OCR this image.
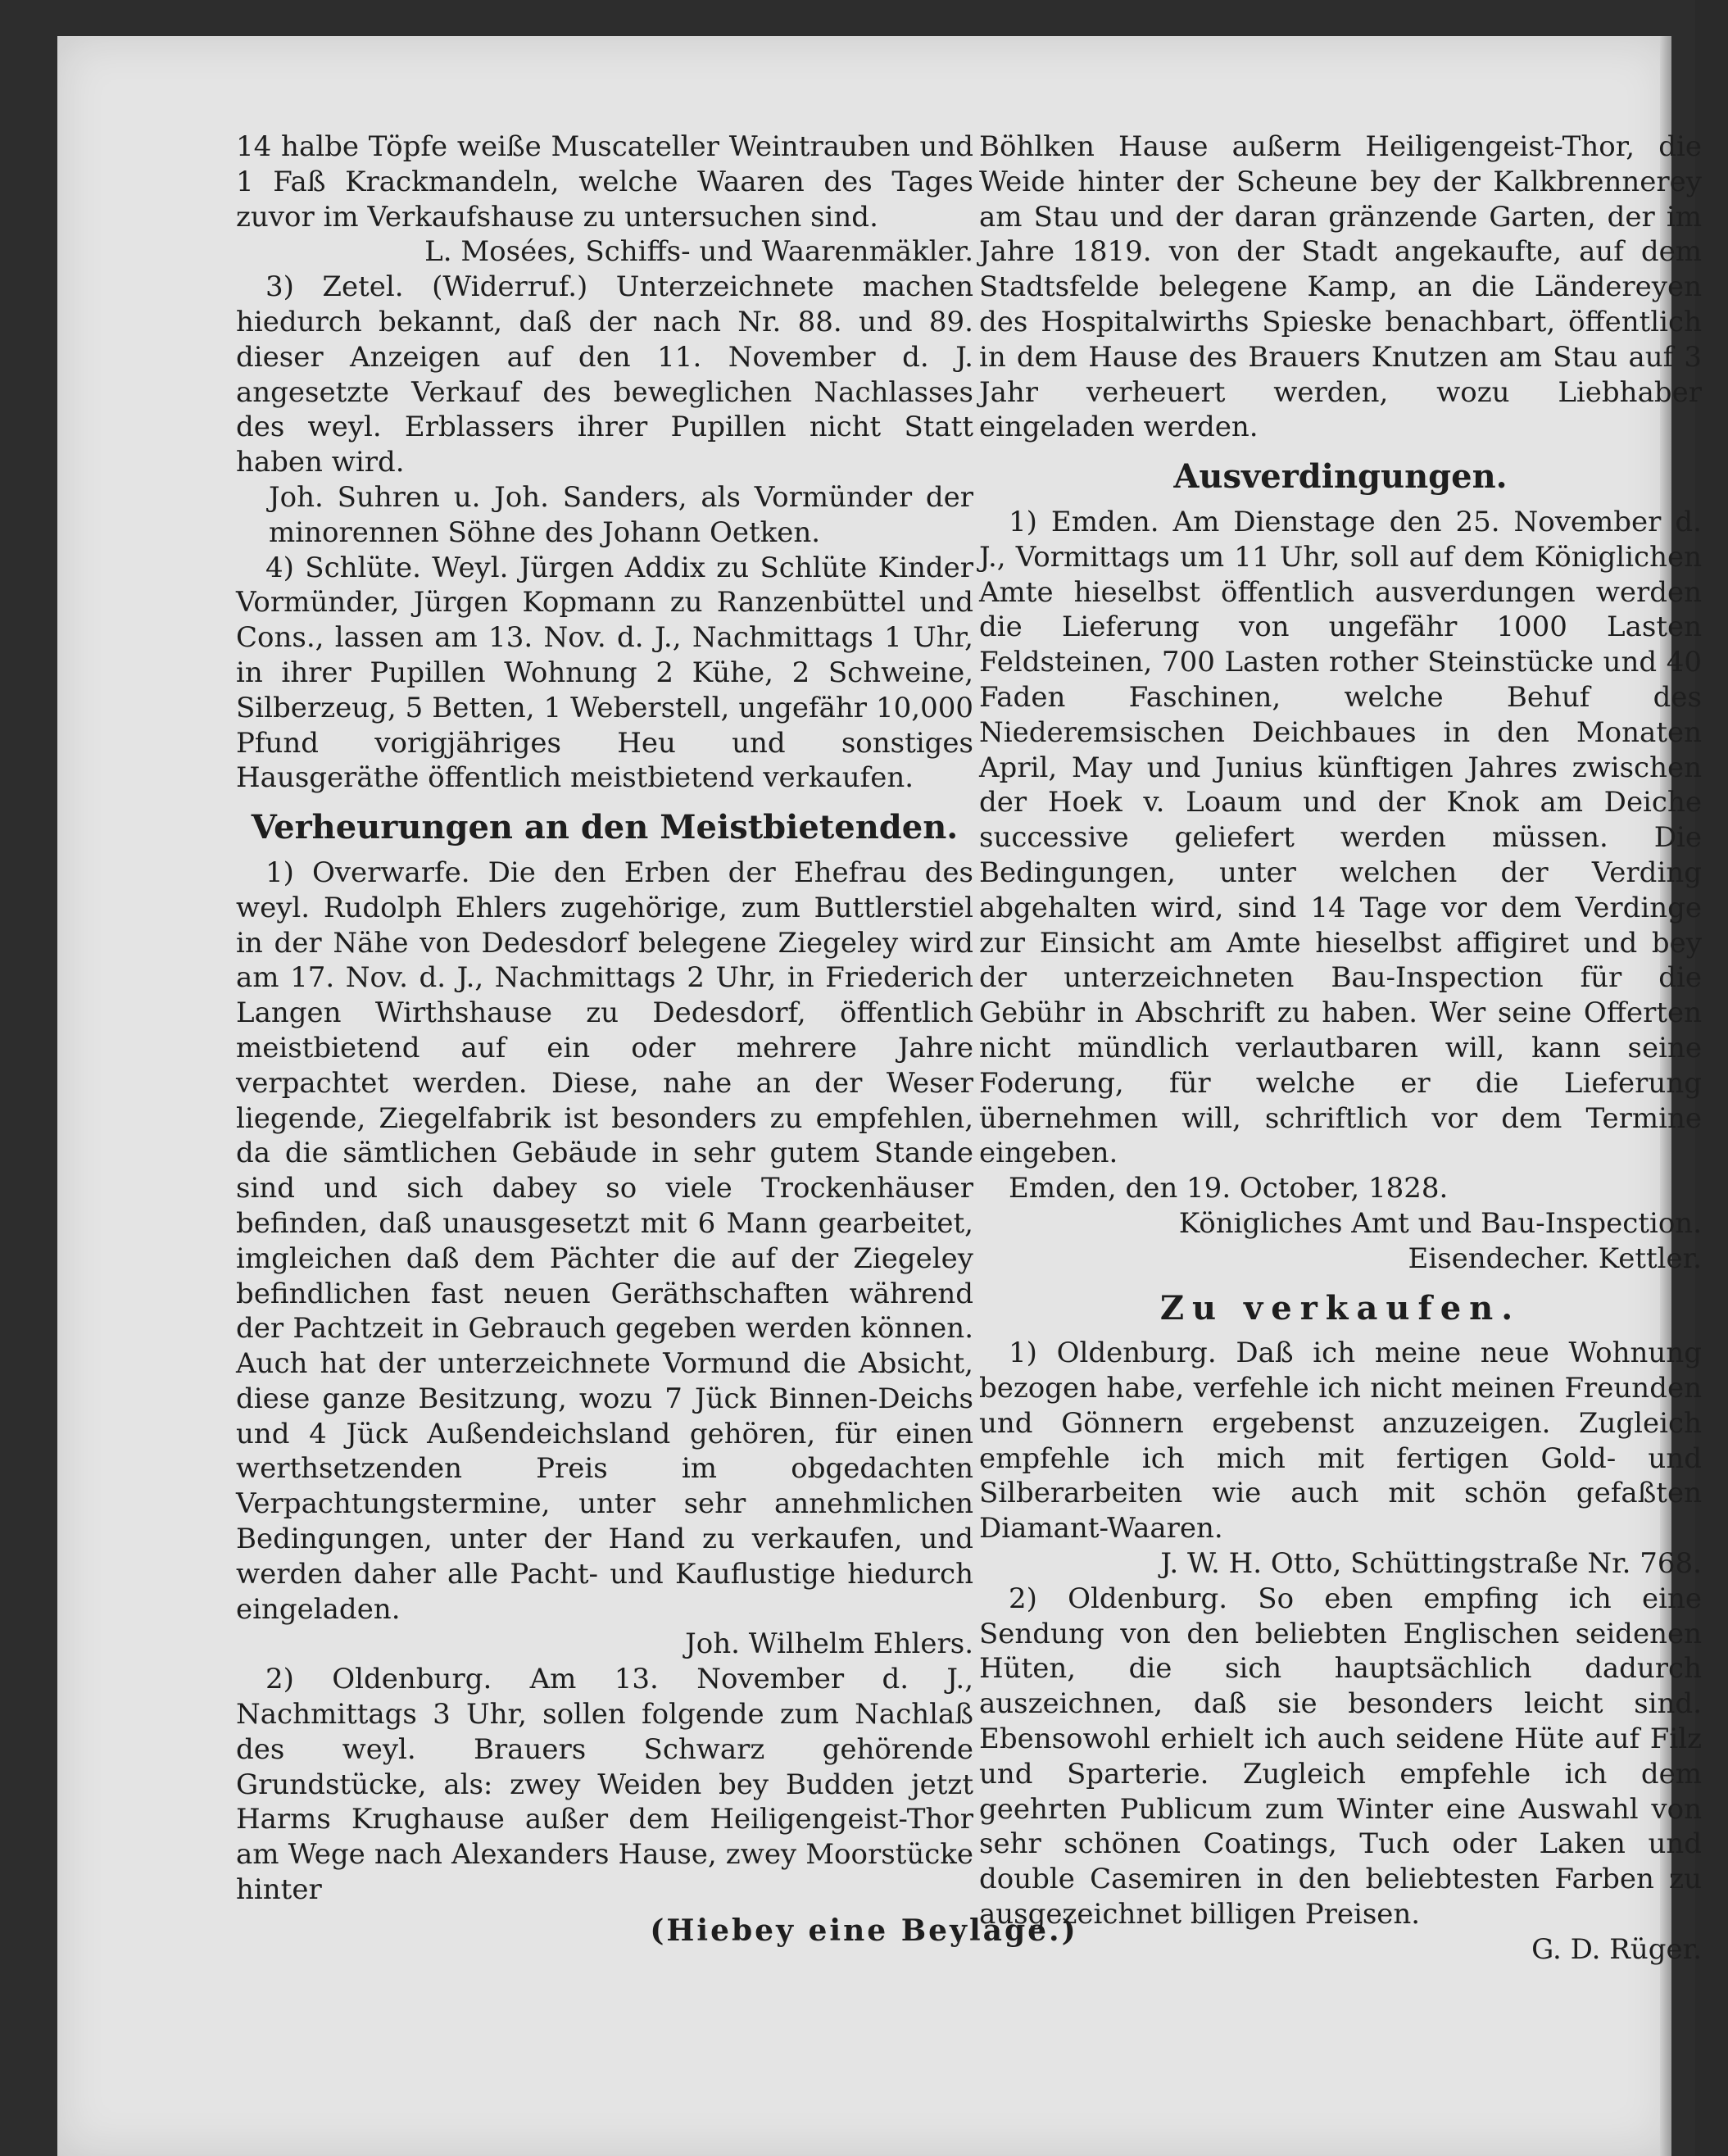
14 halbe Töpfe weiße Muscateller Weintrauben und 1 Faß Krackmandeln, welche Waaren des Tages zuvor im Verkaufshause zu untersuchen sind.

L. Mosées, Schiffs- und Waarenmäkler.

3) Zetel. (Widerruf.) Unterzeichnete machen hiedurch bekannt, daß der nach Nr. 88. und 89. dieser Anzeigen auf den 11. November d. J. angesetzte Verkauf des beweglichen Nachlasses des weyl. Erblassers ihrer Pupillen nicht Statt haben wird.

Joh. Suhren u. Joh. Sanders, als Vormünder der minorennen Söhne des Johann Oetken.

4) Schlüte. Weyl. Jürgen Addix zu Schlüte Kinder Vormünder, Jürgen Kopmann zu Ranzenbüttel und Cons., lassen am 13. Nov. d. J., Nachmittags 1 Uhr, in ihrer Pupillen Wohnung 2 Kühe, 2 Schweine, Silberzeug, 5 Betten, 1 Weberstell, ungefähr 10,000 Pfund vorigjähriges Heu und sonstiges Hausgeräthe öffentlich meistbietend verkaufen.

Verheurungen an den Meistbietenden.

1) Overwarfe. Die den Erben der Ehefrau des weyl. Rudolph Ehlers zugehörige, zum Buttlerstiel in der Nähe von Dedesdorf belegene Ziegeley wird am 17. Nov. d. J., Nachmittags 2 Uhr, in Friederich Langen Wirthshause zu Dedesdorf, öffentlich meistbietend auf ein oder mehrere Jahre verpachtet werden. Diese, nahe an der Weser liegende, Ziegelfabrik ist besonders zu empfehlen, da die sämtlichen Gebäude in sehr gutem Stande sind und sich dabey so viele Trockenhäuser befinden, daß unausgesetzt mit 6 Mann gearbeitet, imgleichen daß dem Pächter die auf der Ziegeley befindlichen fast neuen Geräthschaften während der Pachtzeit in Gebrauch gegeben werden können. Auch hat der unterzeichnete Vormund die Absicht, diese ganze Besitzung, wozu 7 Jück Binnen-Deichs und 4 Jück Außendeichsland gehören, für einen werthsetzenden Preis im obgedachten Verpachtungstermine, unter sehr annehmlichen Bedingungen, unter der Hand zu verkaufen, und werden daher alle Pacht- und Kauflustige hiedurch eingeladen.

Joh. Wilhelm Ehlers.

2) Oldenburg. Am 13. November d. J., Nachmittags 3 Uhr, sollen folgende zum Nachlaß des weyl. Brauers Schwarz gehörende Grundstücke, als: zwey Weiden bey Budden jetzt Harms Krughause außer dem Heiligengeist-Thor am Wege nach Alexanders Hause, zwey Moorstücke hinter

Böhlken Hause außerm Heiligengeist-Thor, die Weide hinter der Scheune bey der Kalkbrennerey am Stau und der daran gränzende Garten, der im Jahre 1819. von der Stadt angekaufte, auf dem Stadtsfelde belegene Kamp, an die Ländereyen des Hospitalwirths Spieske benachbart, öffentlich in dem Hause des Brauers Knutzen am Stau auf 3 Jahr verheuert werden, wozu Liebhaber eingeladen werden.

Ausverdingungen.

1) Emden. Am Dienstage den 25. November d. J., Vormittags um 11 Uhr, soll auf dem Königlichen Amte hieselbst öffentlich ausverdungen werden die Lieferung von ungefähr 1000 Lasten Feldsteinen, 700 Lasten rother Steinstücke und 40 Faden Faschinen, welche Behuf des Niederemsischen Deichbaues in den Monaten April, May und Junius künftigen Jahres zwischen der Hoek v. Loaum und der Knok am Deiche successive geliefert werden müssen. Die Bedingungen, unter welchen der Verding abgehalten wird, sind 14 Tage vor dem Verdinge zur Einsicht am Amte hieselbst affigiret und bey der unterzeichneten Bau-Inspection für die Gebühr in Abschrift zu haben. Wer seine Offerten nicht mündlich verlautbaren will, kann seine Foderung, für welche er die Lieferung übernehmen will, schriftlich vor dem Termine eingeben.

Emden, den 19. October, 1828.

Königliches Amt und Bau-Inspection.

Eisendecher. Kettler.

Zu verkaufen.

1) Oldenburg. Daß ich meine neue Wohnung bezogen habe, verfehle ich nicht meinen Freunden und Gönnern ergebenst anzuzeigen. Zugleich empfehle ich mich mit fertigen Gold- und Silberarbeiten wie auch mit schön gefaßten Diamant-Waaren.

J. W. H. Otto, Schüttingstraße Nr. 768.

2) Oldenburg. So eben empfing ich eine Sendung von den beliebten Englischen seidenen Hüten, die sich hauptsächlich dadurch auszeichnen, daß sie besonders leicht sind. Ebensowohl erhielt ich auch seidene Hüte auf Filz und Sparterie. Zugleich empfehle ich dem geehrten Publicum zum Winter eine Auswahl von sehr schönen Coatings, Tuch oder Laken und double Casemiren in den beliebtesten Farben zu ausgezeichnet billigen Preisen.

G. D. Rüger.

(Hiebey eine Beylage.)
